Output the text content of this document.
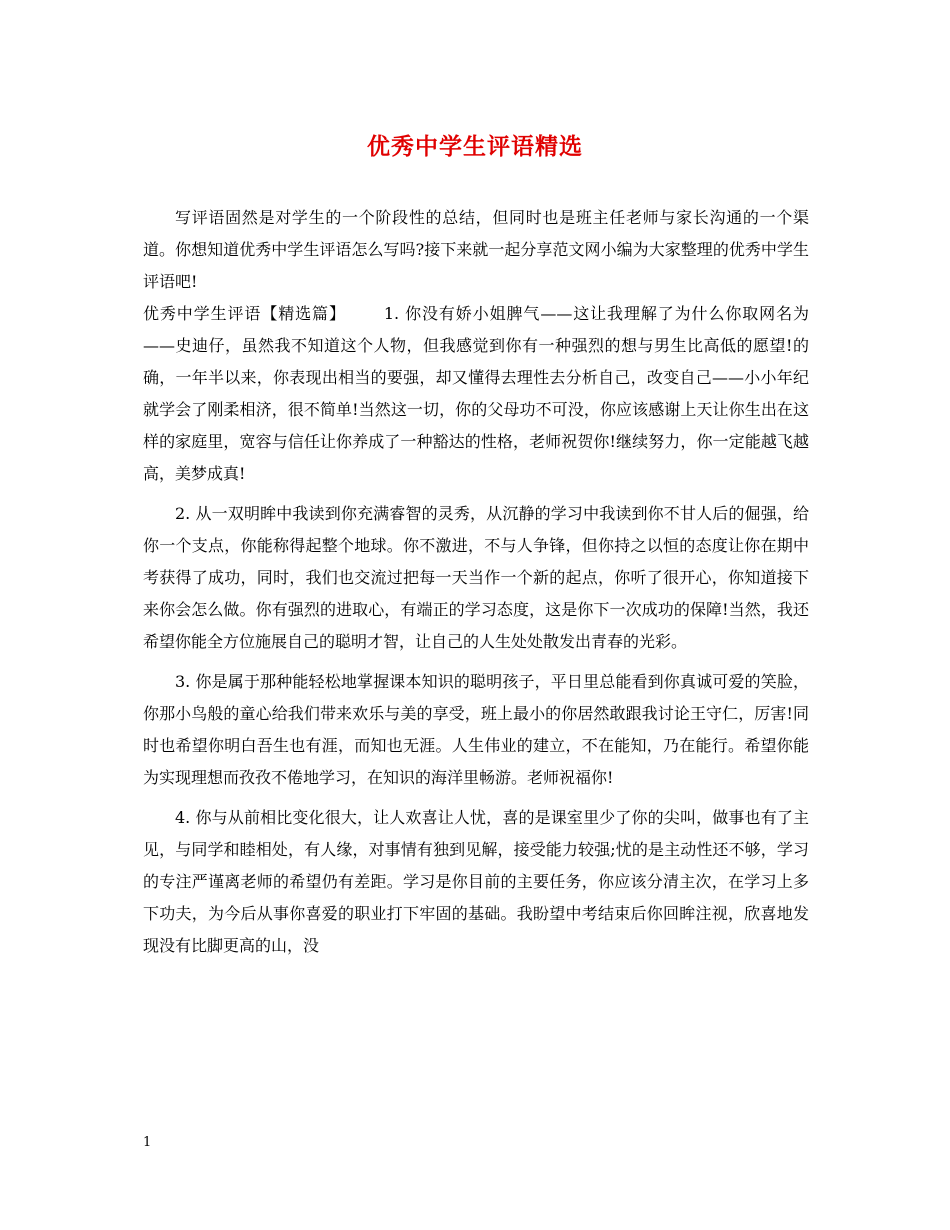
优秀中学生评语精选

写评语固然是对学生的一个阶段性的总结，但同时也是班主任老师与家长沟通的一个渠道。你想知道优秀中学生评语怎么写吗?接下来就一起分享范文网小编为大家整理的优秀中学生评语吧!

优秀中学生评语【精选篇】 1. 你没有娇小姐脾气——这让我理解了为什么你取网名为——史迪仔，虽然我不知道这个人物，但我感觉到你有一种强烈的想与男生比高低的愿望!的确，一年半以来，你表现出相当的要强，却又懂得去理性去分析自己，改变自己——小小年纪就学会了刚柔相济，很不简单!当然这一切，你的父母功不可没，你应该感谢上天让你生出在这样的家庭里，宽容与信任让你养成了一种豁达的性格，老师祝贺你!继续努力，你一定能越飞越高，美梦成真!

2. 从一双明眸中我读到你充满睿智的灵秀，从沉静的学习中我读到你不甘人后的倔强，给你一个支点，你能称得起整个地球。你不激进，不与人争锋，但你持之以恒的态度让你在期中考获得了成功，同时，我们也交流过把每一天当作一个新的起点，你听了很开心，你知道接下来你会怎么做。你有强烈的进取心，有端正的学习态度，这是你下一次成功的保障!当然，我还希望你能全方位施展自己的聪明才智，让自己的人生处处散发出青春的光彩。

3. 你是属于那种能轻松地掌握课本知识的聪明孩子，平日里总能看到你真诚可爱的笑脸，你那小鸟般的童心给我们带来欢乐与美的享受，班上最小的你居然敢跟我讨论王守仁，厉害!同时也希望你明白吾生也有涯，而知也无涯。人生伟业的建立，不在能知，乃在能行。希望你能为实现理想而孜孜不倦地学习，在知识的海洋里畅游。老师祝福你!

4. 你与从前相比变化很大，让人欢喜让人忧，喜的是课室里少了你的尖叫，做事也有了主见，与同学和睦相处，有人缘，对事情有独到见解，接受能力较强;忧的是主动性还不够，学习的专注严谨离老师的希望仍有差距。学习是你目前的主要任务，你应该分清主次，在学习上多下功夫，为今后从事你喜爱的职业打下牢固的基础。我盼望中考结束后你回眸注视，欣喜地发现没有比脚更高的山，没

1
